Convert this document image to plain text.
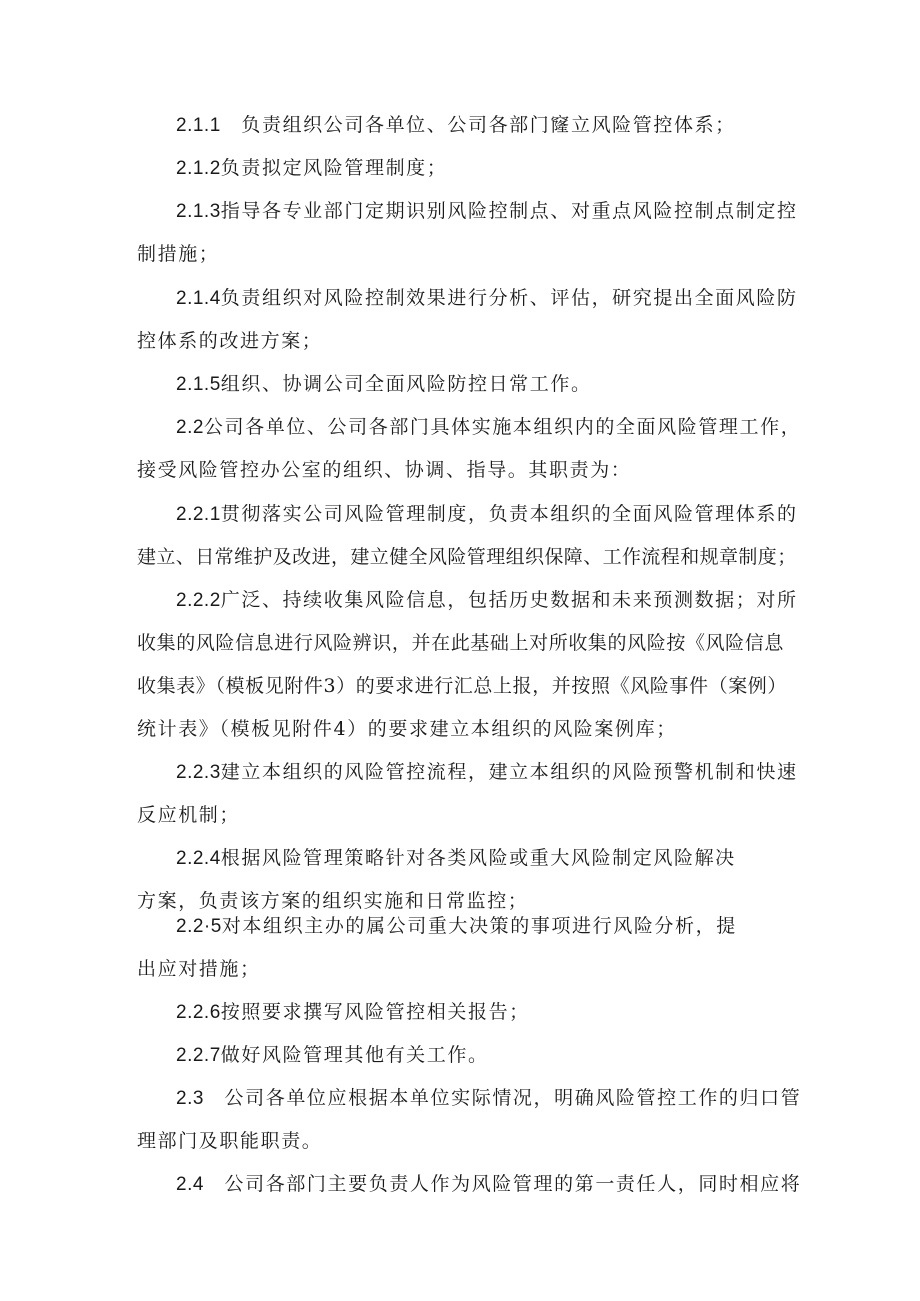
2.1.1　负责组织公司各单位、公司各部门窿立风险管控体系；
2.1.2负责拟定风险管理制度；
2.1.3指导各专业部门定期识别风险控制点、对重点风险控制点制定控
制措施；
2.1.4负责组织对风险控制效果进行分析、评估，研究提出全面风险防
控体系的改进方案；
2.1.5组织、协调公司全面风险防控日常工作。
2.2公司各单位、公司各部门具体实施本组织内的全面风险管理工作，
接受风险管控办公室的组织、协调、指导。其职责为：
2.2.1贯彻落实公司风险管理制度，负责本组织的全面风险管理体系的
建立、日常维护及改进，建立健全风险管理组织保障、工作流程和规章制度；
2.2.2广泛、持续收集风险信息，包括历史数据和未来预测数据；对所
收集的风险信息进行风险辨识，并在此基础上对所收集的风险按《风险信息
收集表》（模板见附件3）的要求进行汇总上报，并按照《风险事件（案例）
统计表》（模板见附件4）的要求建立本组织的风险案例库；
2.2.3建立本组织的风险管控流程，建立本组织的风险预警机制和快速
反应机制；
2.2.4根据风险管理策略针对各类风险或重大风险制定风险解决
方案，负责该方案的组织实施和日常监控；
2.2·5对本组织主办的属公司重大决策的事项进行风险分析，提
出应对措施；
2.2.6按照要求撰写风险管控相关报告；
2.2.7做好风险管理其他有关工作。
2.3　公司各单位应根据本单位实际情况，明确风险管控工作的归口管
理部门及职能职责。
2.4　公司各部门主要负责人作为风险管理的第一责任人，同时相应将
